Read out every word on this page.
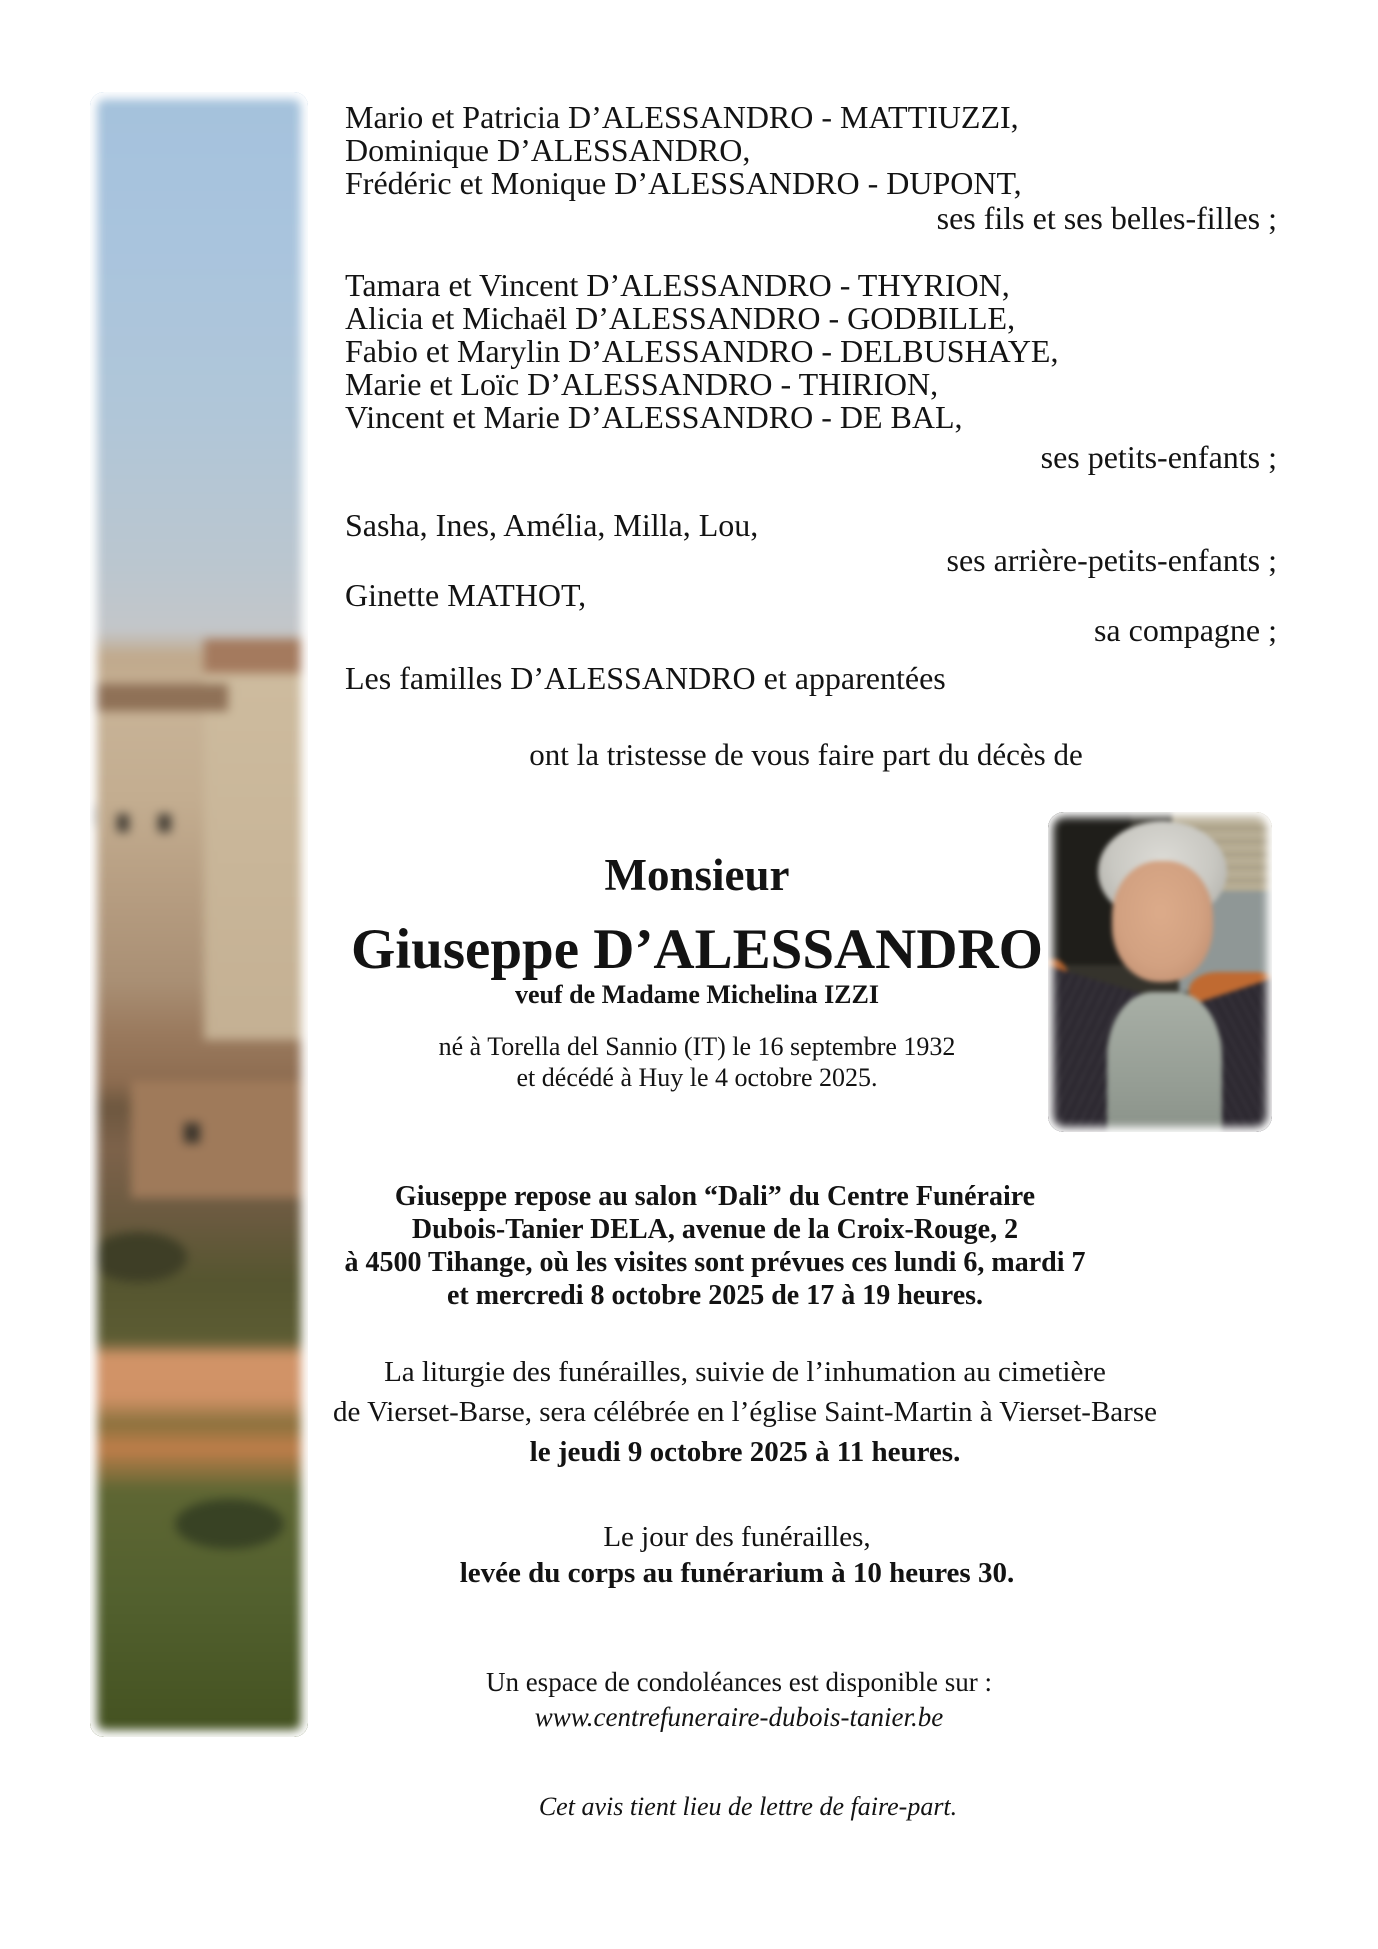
Mario et Patricia D’ALESSANDRO - MATTIUZZI,
Dominique D’ALESSANDRO,
Frédéric et Monique D’ALESSANDRO - DUPONT,
ses fils et ses belles-filles ;
Tamara et Vincent D’ALESSANDRO - THYRION,
Alicia et Michaël D’ALESSANDRO - GODBILLE,
Fabio et Marylin D’ALESSANDRO - DELBUSHAYE,
Marie et Loïc D’ALESSANDRO - THIRION,
Vincent et Marie D’ALESSANDRO - DE BAL,
ses petits-enfants ;
Sasha, Ines, Amélia, Milla, Lou,
ses arrière-petits-enfants ;
Ginette MATHOT,
sa compagne ;
Les familles D’ALESSANDRO et apparentées
ont la tristesse de vous faire part du décès de
Monsieur
Giuseppe D’ALESSANDRO
veuf de Madame Michelina IZZI
né à Torella del Sannio (IT) le 16 septembre 1932
et décédé à Huy le 4 octobre 2025.
Giuseppe repose au salon “Dali” du Centre Funéraire
Dubois-Tanier DELA, avenue de la Croix-Rouge, 2
à 4500 Tihange, où les visites sont prévues ces lundi 6, mardi 7
et mercredi 8 octobre 2025 de 17 à 19 heures.
La liturgie des funérailles, suivie de l’inhumation au cimetière
de Vierset-Barse, sera célébrée en l’église Saint-Martin à Vierset-Barse
le jeudi 9 octobre 2025 à 11 heures.
Le jour des funérailles,
levée du corps au funérarium à 10 heures 30.
Un espace de condoléances est disponible sur :
www.centrefuneraire-dubois-tanier.be
Cet avis tient lieu de lettre de faire-part.
